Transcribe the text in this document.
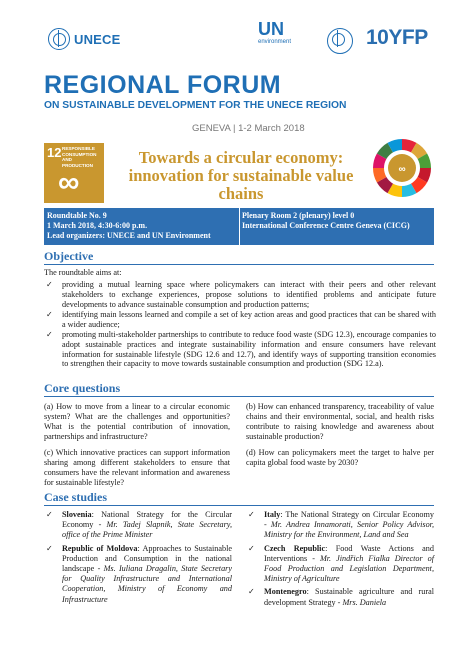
UNECE	UN
environment	10YFP
REGIONAL FORUM
ON SUSTAINABLE DEVELOPMENT FOR THE UNECE REGION
GENEVA | 1-2 March 2018
12 RESPONSIBLE CONSUMPTION AND PRODUCTION
∞
Towards a circular economy: innovation for sustainable value chains
∞
Roundtable No. 9
1 March 2018, 4:30-6:00 p.m.
Lead organizers: UNECE and UN Environment
Plenary Room 2 (plenary) level 0
International Conference Centre Geneva (CICG)
Objective
The roundtable aims at:
✓ providing a mutual learning space where policymakers can interact with their peers and other relevant stakeholders to exchange experiences, propose solutions to identified problems and anticipate future developments to advance sustainable consumption and production patterns;
✓ identifying main lessons learned and compile a set of key action areas and good practices that can be shared with a wider audience;
✓ promoting multi-stakeholder partnerships to contribute to reduce food waste (SDG 12.3), encourage companies to adopt sustainable practices and integrate sustainability information and ensure consumers have relevant information for sustainable lifestyle (SDG 12.6 and 12.7), and identify ways of supporting transition economies to strengthen their capacity to move towards sustainable consumption and production (SDG 12.a).
Core questions
(a) How to move from a linear to a circular economic system? What are the challenges and opportunities? What is the potential contribution of innovation, partnerships and infrastructure?
(b) How can enhanced transparency, traceability of value chains and their environmental, social, and health risks contribute to raising knowledge and awareness about sustainable production?
(c) Which innovative practices can support information sharing among different stakeholders to ensure that consumers have the relevant information and awareness for sustainable lifestyle?
(d) How can policymakers meet the target to halve per capita global food waste by 2030?
Case studies
✓ Slovenia: National Strategy for the Circular Economy - Mr. Tadej Slapnik, State Secretary, office of the Prime Minister
✓ Republic of Moldova: Approaches to Sustainable Production and Consumption in the national landscape - Ms. Iuliana Dragalin, State Secretary for Quality Infrastructure and International Cooperation, Ministry of Economy and Infrastructure
✓ Italy: The National Strategy on Circular Economy - Mr. Andrea Innamorati, Senior Policy Advisor, Ministry for the Environment, Land and Sea
✓ Czech Republic: Food Waste Actions and Interventions - Mr. Jindřich Fialka Director of Food Production and Legislation Department, Ministry of Agriculture
✓ Montenegro: Sustainable agriculture and rural development Strategy - Mrs. Daniela
